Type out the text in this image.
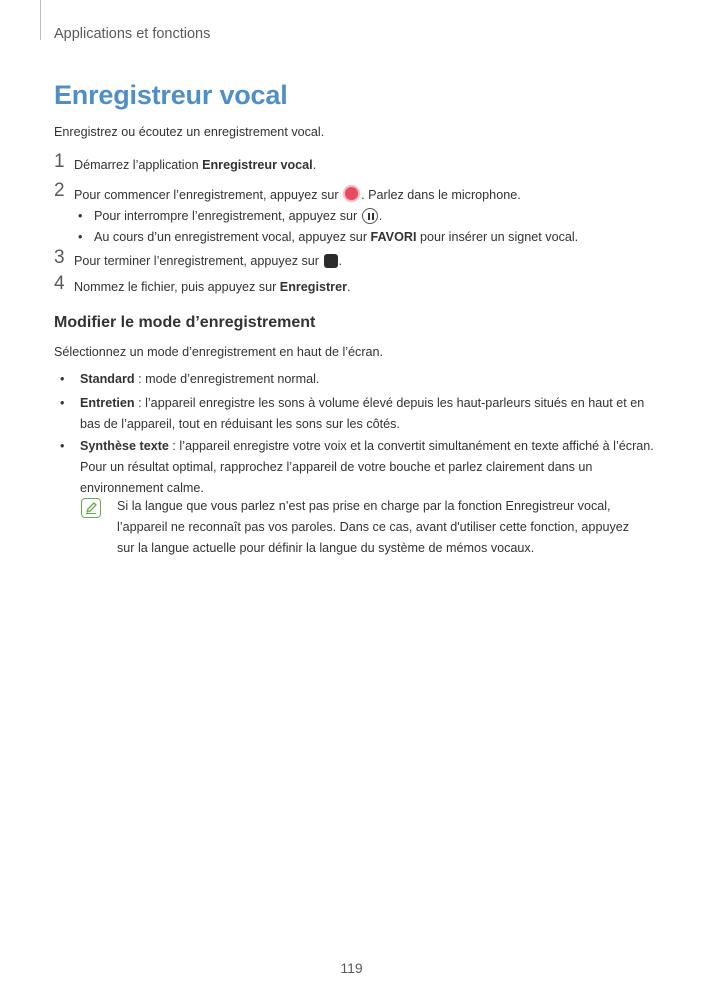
Applications et fonctions
Enregistreur vocal
Enregistrez ou écoutez un enregistrement vocal.
1 Démarrez l’application Enregistreur vocal.
2 Pour commencer l’enregistrement, appuyez sur . Parlez dans le microphone.
• Pour interrompre l’enregistrement, appuyez sur .
• Au cours d’un enregistrement vocal, appuyez sur FAVORI pour insérer un signet vocal.
3 Pour terminer l’enregistrement, appuyez sur .
4 Nommez le fichier, puis appuyez sur Enregistrer.
Modifier le mode d’enregistrement
Sélectionnez un mode d’enregistrement en haut de l’écran.
• Standard : mode d’enregistrement normal.
• Entretien : l’appareil enregistre les sons à volume élevé depuis les haut-parleurs situés en haut et en bas de l’appareil, tout en réduisant les sons sur les côtés.
• Synthèse texte : l’appareil enregistre votre voix et la convertit simultanément en texte affiché à l’écran. Pour un résultat optimal, rapprochez l’appareil de votre bouche et parlez clairement dans un environnement calme.
Si la langue que vous parlez n’est pas prise en charge par la fonction Enregistreur vocal, l’appareil ne reconnaît pas vos paroles. Dans ce cas, avant d'utiliser cette fonction, appuyez sur la langue actuelle pour définir la langue du système de mémos vocaux.
119
